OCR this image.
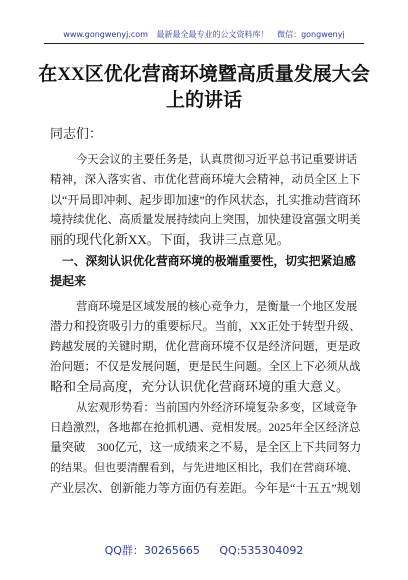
www.gongwenyj.com 最新最全最专业的公文资料库！ 微信：gongwenyj
在XX区优化营商环境暨高质量发展大会
上的讲话
同志们：
今天会议的主要任务是，认真贯彻习近平总书记重要讲话
精神，深入落实省、市优化营商环境大会精神，动员全区上下
以“开局即冲刺、起步即加速”的作风状态，扎实推动营商环
境持续优化、高质量发展持续向上突围，加快建设富强文明美
丽的现代化新XX。下面，我讲三点意见。
一、深刻认识优化营商环境的极端重要性，切实把紧迫感
提起来
营商环境是区域发展的核心竞争力，是衡量一个地区发展
潜力和投资吸引力的重要标尺。当前，XX正处于转型升级、
跨越发展的关键时期，优化营商环境不仅是经济问题，更是政
治问题；不仅是发展问题，更是民生问题。全区上下必须从战
略和全局高度，充分认识优化营商环境的重大意义。
从宏观形势看：当前国内外经济环境复杂多变，区域竞争
日趋激烈，各地都在抢抓机遇、竞相发展。2025年全区经济总
量突破　300亿元，这一成绩来之不易，是全区上下共同努力
的结果。但也要清醒看到，与先进地区相比，我们在营商环境、
产业层次、创新能力等方面仍有差距。今年是“十五五”规划
QQ群：30265665 QQ:535304092
